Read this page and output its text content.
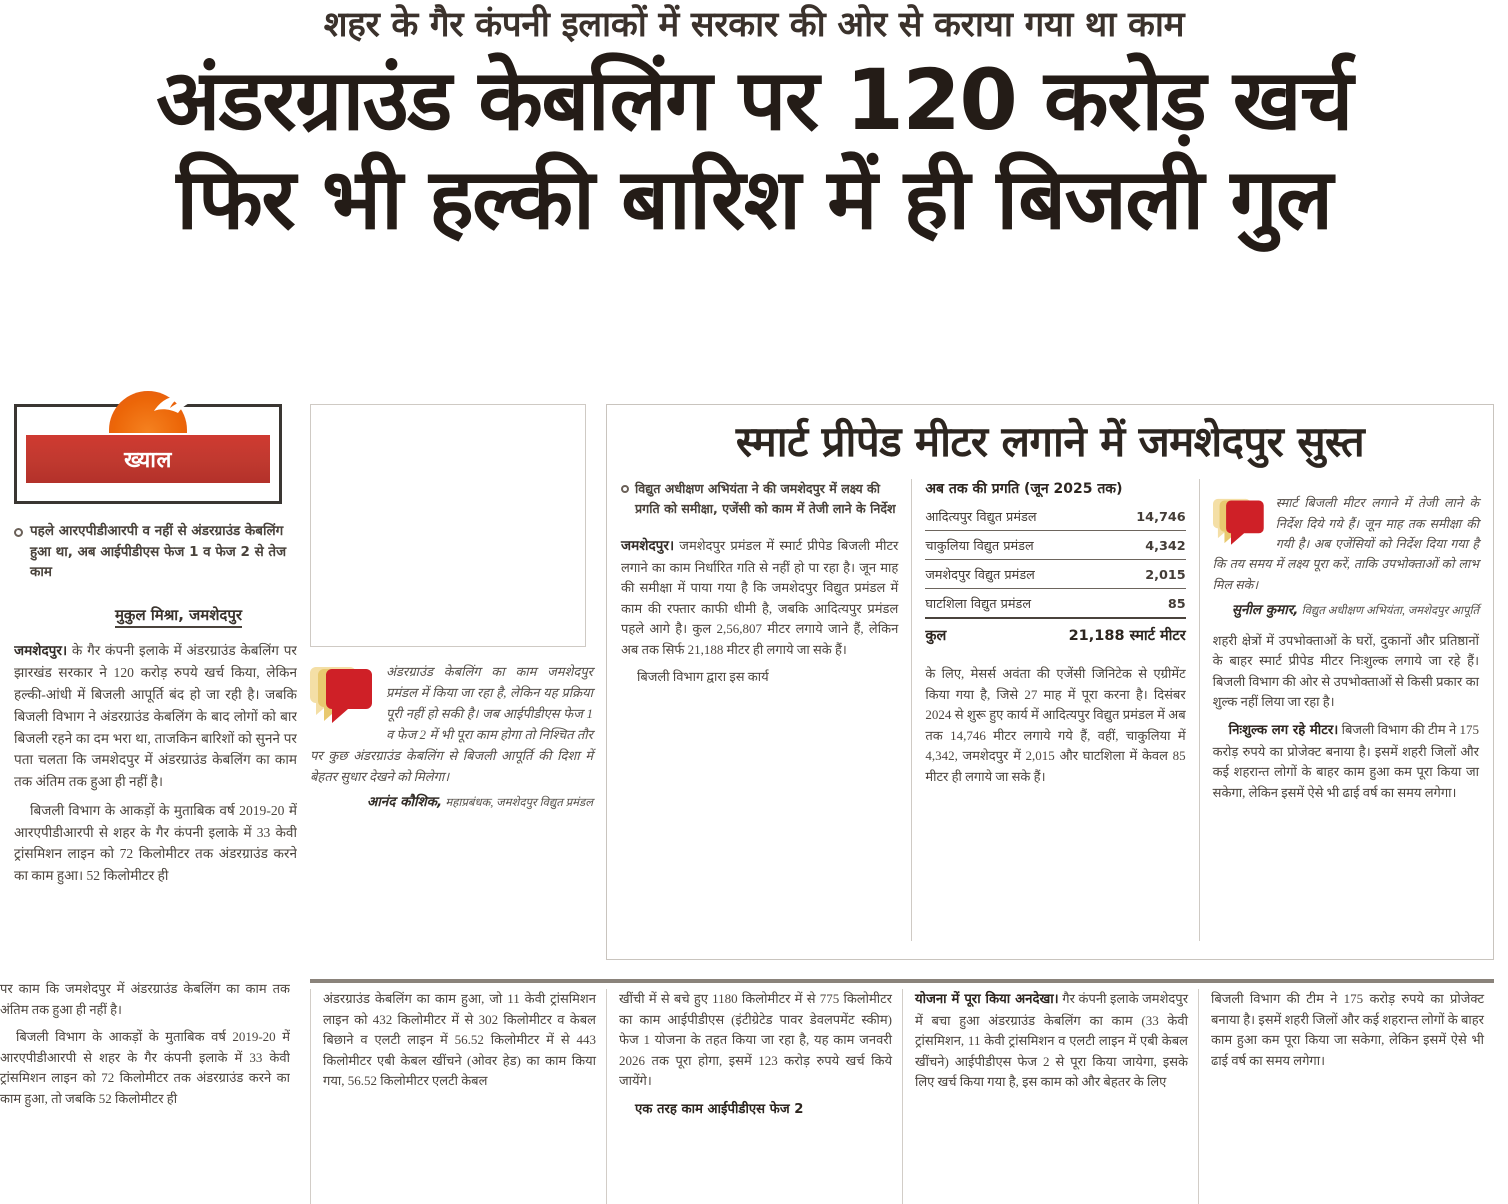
शहर के गैर कंपनी इलाकों में सरकार की ओर से कराया गया था काम
अंडरग्राउंड केबलिंग पर 120 करोड़ खर्च
फिर भी हल्की बारिश में ही बिजली गुल
ख्याल
पहले आरएपीडीआरपी व नहीं से अंडरग्राउंड केबलिंग हुआ था, अब आईपीडीएस फेज 1 व फेज 2 से तेज काम
मुकुल मिश्रा, जमशेदपुर

जमशेदपुर। के गैर कंपनी इलाके में अंडरग्राउंड केबलिंग पर झारखंड सरकार ने 120 करोड़ रुपये खर्च किया, लेकिन हल्की-आंधी में बिजली आपूर्ति बंद हो जा रही है। जबकि बिजली विभाग ने अंडरग्राउंड केबलिंग के बाद लोगों को बार बिजली रहने का दम भरा था, ताजकिन बारिशों को सुनने पर पता चलता कि जमशेदपुर में अंडरग्राउंड केबलिंग का काम तक अंतिम तक हुआ ही नहीं है।

बिजली विभाग के आकड़ों के मुताबिक वर्ष 2019-20 में आरएपीडीआरपी से शहर के गैर कंपनी इलाके में 33 केवी ट्रांसमिशन लाइन को 72 किलोमीटर तक अंडरग्राउंड करने का काम हुआ। 52 किलोमीटर ही

अंडरग्राउंड केबलिंग का काम जमशेदपुर प्रमंडल में किया जा रहा है, लेकिन यह प्रक्रिया पूरी नहीं हो सकी है। जब आईपीडीएस फेज 1 व फेज 2 में भी पूरा काम होगा तो निश्चित तौर पर कुछ अंडरग्राउंड केबलिंग से बिजली आपूर्ति की दिशा में बेहतर सुधार देखने को मिलेगा।
आनंद कौशिक, महाप्रबंधक, जमशेदपुर विद्युत प्रमंडल
स्मार्ट प्रीपेड मीटर लगाने में जमशेदपुर सुस्त
विद्युत अधीक्षण अभियंता ने की जमशेदपुर में लक्ष्य की प्रगति को समीक्षा, एजेंसी को काम में तेजी लाने के निर्देश

जमशेदपुर। जमशेदपुर प्रमंडल में स्मार्ट प्रीपेड बिजली मीटर लगाने का काम निर्धारित गति से नहीं हो पा रहा है। जून माह की समीक्षा में पाया गया है कि जमशेदपुर विद्युत प्रमंडल में काम की रफ्तार काफी धीमी है, जबकि आदित्यपुर प्रमंडल पहले आगे है। कुल 2,56,807 मीटर लगाये जाने हैं, लेकिन अब तक सिर्फ 21,188 मीटर ही लगाये जा सके हैं।

बिजली विभाग द्वारा इस कार्य

अब तक की प्रगति (जून 2025 तक)
आदित्यपुर विद्युत प्रमंडल	14,746
चाकुलिया विद्युत प्रमंडल	4,342
जमशेदपुर विद्युत प्रमंडल	2,015
घाटशिला विद्युत प्रमंडल	85
कुल	21,188 स्मार्ट मीटर

के लिए, मेसर्स अवंता की एजेंसी जिनिटेक से एग्रीमेंट किया गया है, जिसे 27 माह में पूरा करना है। दिसंबर 2024 से शुरू हुए कार्य में आदित्यपुर विद्युत प्रमंडल में अब तक 14,746 मीटर लगाये गये हैं, वहीं, चाकुलिया में 4,342, जमशेदपुर में 2,015 और घाटशिला में केवल 85 मीटर ही लगाये जा सके हैं।

स्मार्ट बिजली मीटर लगाने में तेजी लाने के निर्देश दिये गये हैं। जून माह तक समीक्षा की गयी है। अब एजेंसियों को निर्देश दिया गया है कि तय समय में लक्ष्य पूरा करें, ताकि उपभोक्ताओं को लाभ मिल सके।
सुनील कुमार, विद्युत अधीक्षण अभियंता, जमशेदपुर आपूर्ति

शहरी क्षेत्रों में उपभोक्ताओं के घरों, दुकानों और प्रतिष्ठानों के बाहर स्मार्ट प्रीपेड मीटर निःशुल्क लगाये जा रहे हैं। बिजली विभाग की ओर से उपभोक्ताओं से किसी प्रकार का शुल्क नहीं लिया जा रहा है।

निःशुल्क लग रहे मीटर। बिजली विभाग की टीम ने 175 करोड़ रुपये का प्रोजेक्ट बनाया है। इसमें शहरी जिलों और कई शहरान्त लोगों के बाहर काम हुआ कम पूरा किया जा सकेगा, लेकिन इसमें ऐसे भी ढाई वर्ष का समय लगेगा।

पर काम कि जमशेदपुर में अंडरग्राउंड केबलिंग का काम तक अंतिम तक हुआ ही नहीं है।

बिजली विभाग के आकड़ों के मुताबिक वर्ष 2019-20 में आरएपीडीआरपी से शहर के गैर कंपनी इलाके में 33 केवी ट्रांसमिशन लाइन को 72 किलोमीटर तक अंडरग्राउंड करने का काम हुआ, तो जबकि 52 किलोमीटर ही

अंडरग्राउंड केबलिंग का काम हुआ, जो 11 केवी ट्रांसमिशन लाइन को 432 किलोमीटर में से 302 किलोमीटर व केबल बिछाने व एलटी लाइन में 56.52 किलोमीटर में से 443 किलोमीटर एबी केबल खींचने (ओवर हेड) का काम किया गया, 56.52 किलोमीटर एलटी केबल

खींची में से बचे हुए 1180 किलोमीटर में से 775 किलोमीटर का काम आईपीडीएस (इंटीग्रेटेड पावर डेवलपमेंट स्कीम) फेज 1 योजना के तहत किया जा रहा है, यह काम जनवरी 2026 तक पूरा होगा, इसमें 123 करोड़ रुपये खर्च किये जायेंगे।

एक तरह काम आईपीडीएस फेज 2

योजना में पूरा किया अनदेखा। गैर कंपनी इलाके जमशेदपुर में बचा हुआ अंडरग्राउंड केबलिंग का काम (33 केवी ट्रांसमिशन, 11 केवी ट्रांसमिशन व एलटी लाइन में एबी केबल खींचने) आईपीडीएस फेज 2 से पूरा किया जायेगा, इसके लिए खर्च किया गया है, इस काम को और बेहतर के लिए

बिजली विभाग की टीम ने 175 करोड़ रुपये का प्रोजेक्ट बनाया है। इसमें शहरी जिलों और कई शहरान्त लोगों के बाहर काम हुआ कम पूरा किया जा सकेगा, लेकिन इसमें ऐसे भी ढाई वर्ष का समय लगेगा।
